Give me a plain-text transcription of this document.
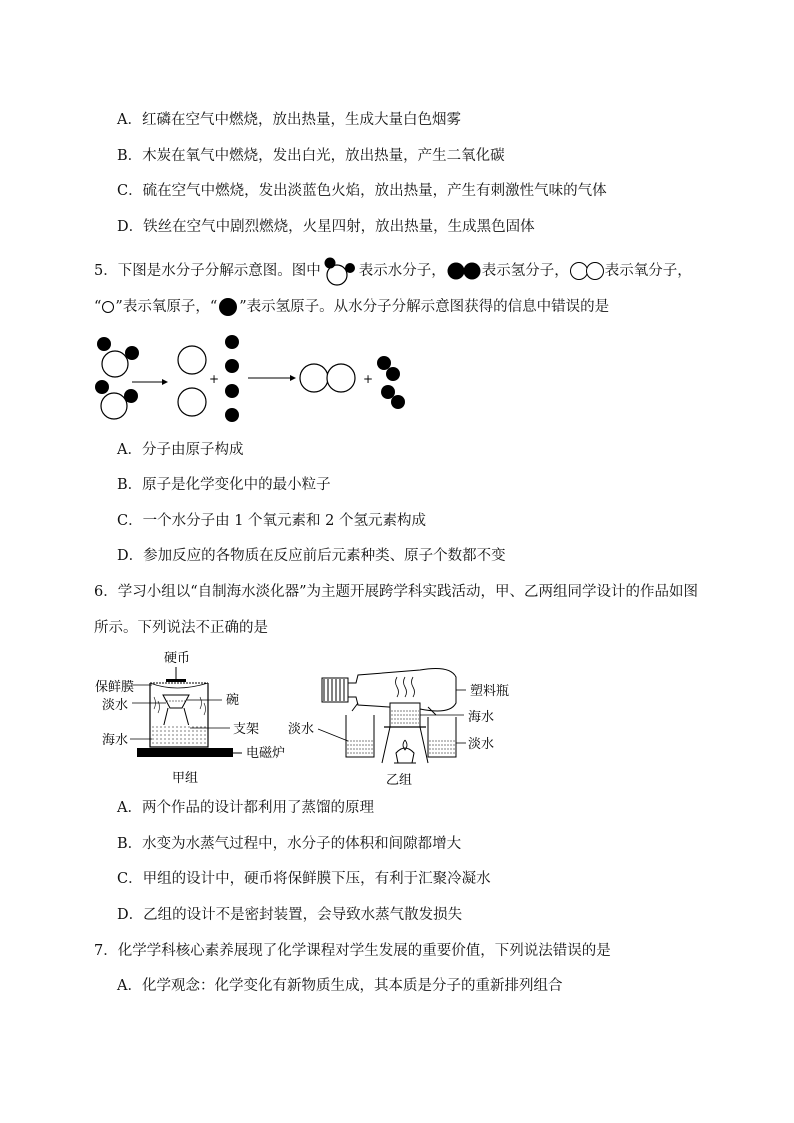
A．红磷在空气中燃烧，放出热量，生成大量白色烟雾
B．木炭在氧气中燃烧，发出白光，放出热量，产生二氧化碳
C．硫在空气中燃烧，发出淡蓝色火焰，放出热量，产生有刺激性气味的气体
D．铁丝在空气中剧烈燃烧，火星四射，放出热量，生成黑色固体
5．下图是水分子分解示意图。图中	表示水分子， 表示氢分子， 表示氧分子，
“ ”表示氧原子，“ ”表示氢原子。从水分子分解示意图获得的信息中错误的是
+	+
A．分子由原子构成
B．原子是化学变化中的最小粒子
C．一个水分子由 1 个氧元素和 2 个氢元素构成
D．参加反应的各物质在反应前后元素种类、原子个数都不变
6．学习小组以“自制海水淡化器”为主题开展跨学科实践活动，甲、乙两组同学设计的作品如图
所示。下列说法不正确的是
硬币
保鲜膜
淡水	碗
支架
海水
电磁炉
甲组
塑料瓶
淡水
海水
淡水
乙组
A．两个作品的设计都利用了蒸馏的原理
B．水变为水蒸气过程中，水分子的体积和间隙都增大
C．甲组的设计中，硬币将保鲜膜下压，有利于汇聚冷凝水
D．乙组的设计不是密封装置，会导致水蒸气散发损失
7．化学学科核心素养展现了化学课程对学生发展的重要价值，下列说法错误的是
A．化学观念：化学变化有新物质生成，其本质是分子的重新排列组合
